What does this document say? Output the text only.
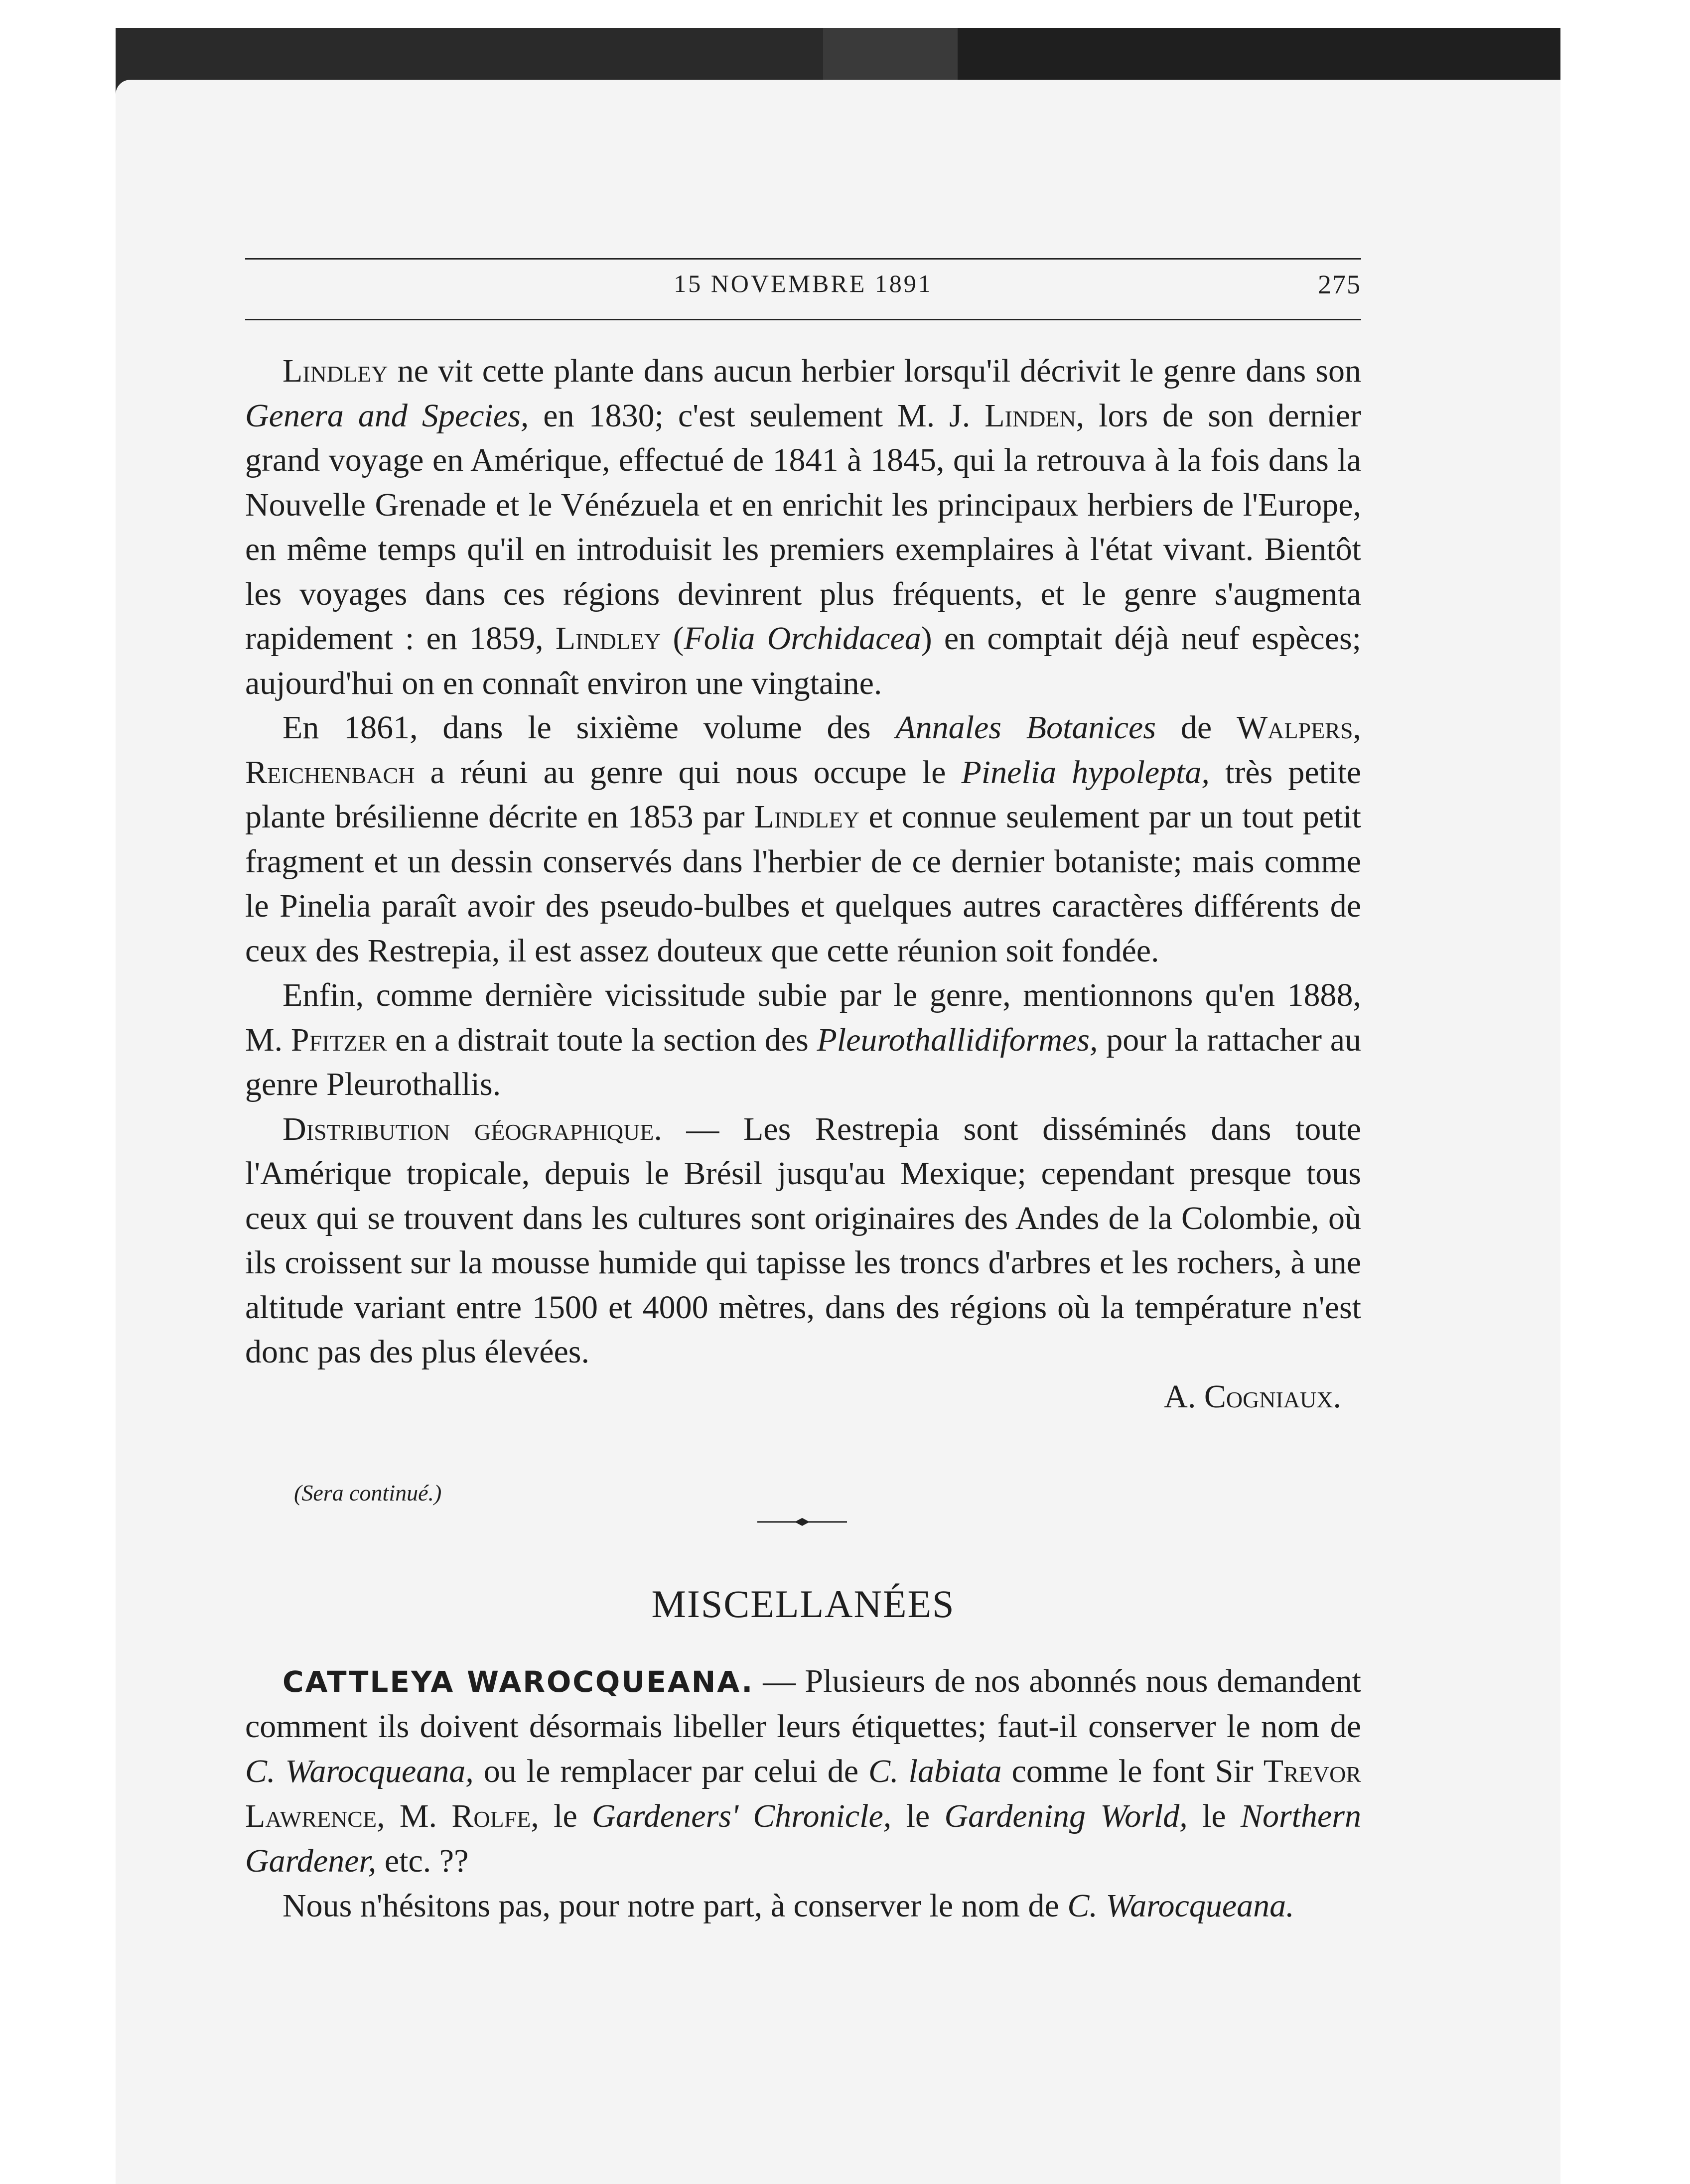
15 NOVEMBRE 1891	275

Lindley ne vit cette plante dans aucun herbier lorsqu'il décrivit le genre dans son Genera and Species, en 1830; c'est seulement M. J. Linden, lors de son dernier grand voyage en Amérique, effectué de 1841 à 1845, qui la retrouva à la fois dans la Nouvelle Grenade et le Vénézuela et en enrichit les principaux herbiers de l'Europe, en même temps qu'il en introduisit les premiers exemplaires à l'état vivant. Bientôt les voyages dans ces régions devinrent plus fréquents, et le genre s'augmenta rapidement : en 1859, Lindley (Folia Orchidacea) en comptait déjà neuf espèces; aujourd'hui on en connaît environ une vingtaine.

En 1861, dans le sixième volume des Annales Botanices de Walpers, Reichenbach a réuni au genre qui nous occupe le Pinelia hypolepta, très petite plante brésilienne décrite en 1853 par Lindley et connue seulement par un tout petit fragment et un dessin conservés dans l'herbier de ce dernier botaniste; mais comme le Pinelia paraît avoir des pseudo-bulbes et quelques autres caractères différents de ceux des Restrepia, il est assez douteux que cette réunion soit fondée.

Enfin, comme dernière vicissitude subie par le genre, mentionnons qu'en 1888, M. Pfitzer en a distrait toute la section des Pleurothallidiformes, pour la rattacher au genre Pleurothallis.

Distribution géographique. — Les Restrepia sont disséminés dans toute l'Amérique tropicale, depuis le Brésil jusqu'au Mexique; cependant presque tous ceux qui se trouvent dans les cultures sont originaires des Andes de la Colombie, où ils croissent sur la mousse humide qui tapisse les troncs d'arbres et les rochers, à une altitude variant entre 1500 et 4000 mètres, dans des régions où la température n'est donc pas des plus élevées.

A. Cogniaux.

(Sera continué.)
MISCELLANÉES

CATTLEYA WAROCQUEANA. — Plusieurs de nos abonnés nous demandent comment ils doivent désormais libeller leurs étiquettes; faut-il conserver le nom de C. Warocqueana, ou le remplacer par celui de C. labiata comme le font Sir Trevor Lawrence, M. Rolfe, le Gardeners' Chronicle, le Gardening World, le Northern Gardener, etc. ??

Nous n'hésitons pas, pour notre part, à conserver le nom de C. Warocqueana.
